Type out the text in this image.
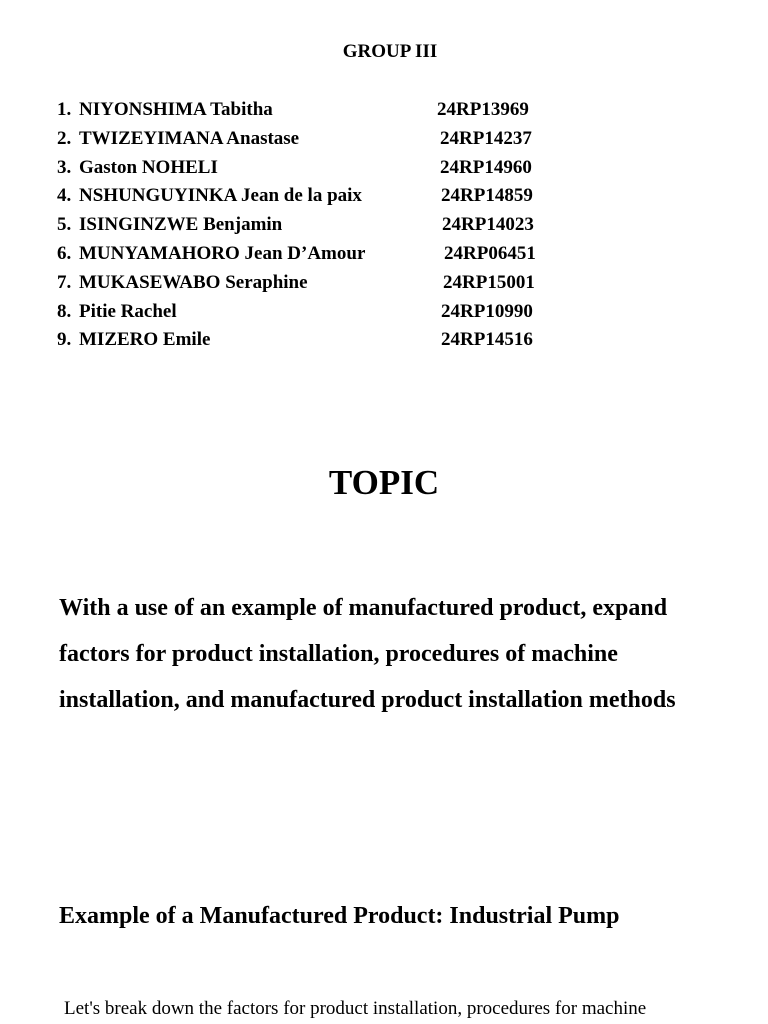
GROUP III
1. NIYONSHIMA Tabitha	24RP13969
2. TWIZEYIMANA Anastase	24RP14237
3. Gaston NOHELI	24RP14960
4. NSHUNGUYINKA Jean de la paix	24RP14859
5. ISINGINZWE Benjamin	24RP14023
6. MUNYAMAHORO Jean D’Amour	24RP06451
7. MUKASEWABO Seraphine	24RP15001
8. Pitie Rachel	24RP10990
9. MIZERO Emile	24RP14516
TOPIC

With a use of an example of manufactured product, expand factors for product installation, procedures of machine installation, and manufactured product installation methods

Example of a Manufactured Product: Industrial Pump

Let's break down the factors for product installation, procedures for machine
